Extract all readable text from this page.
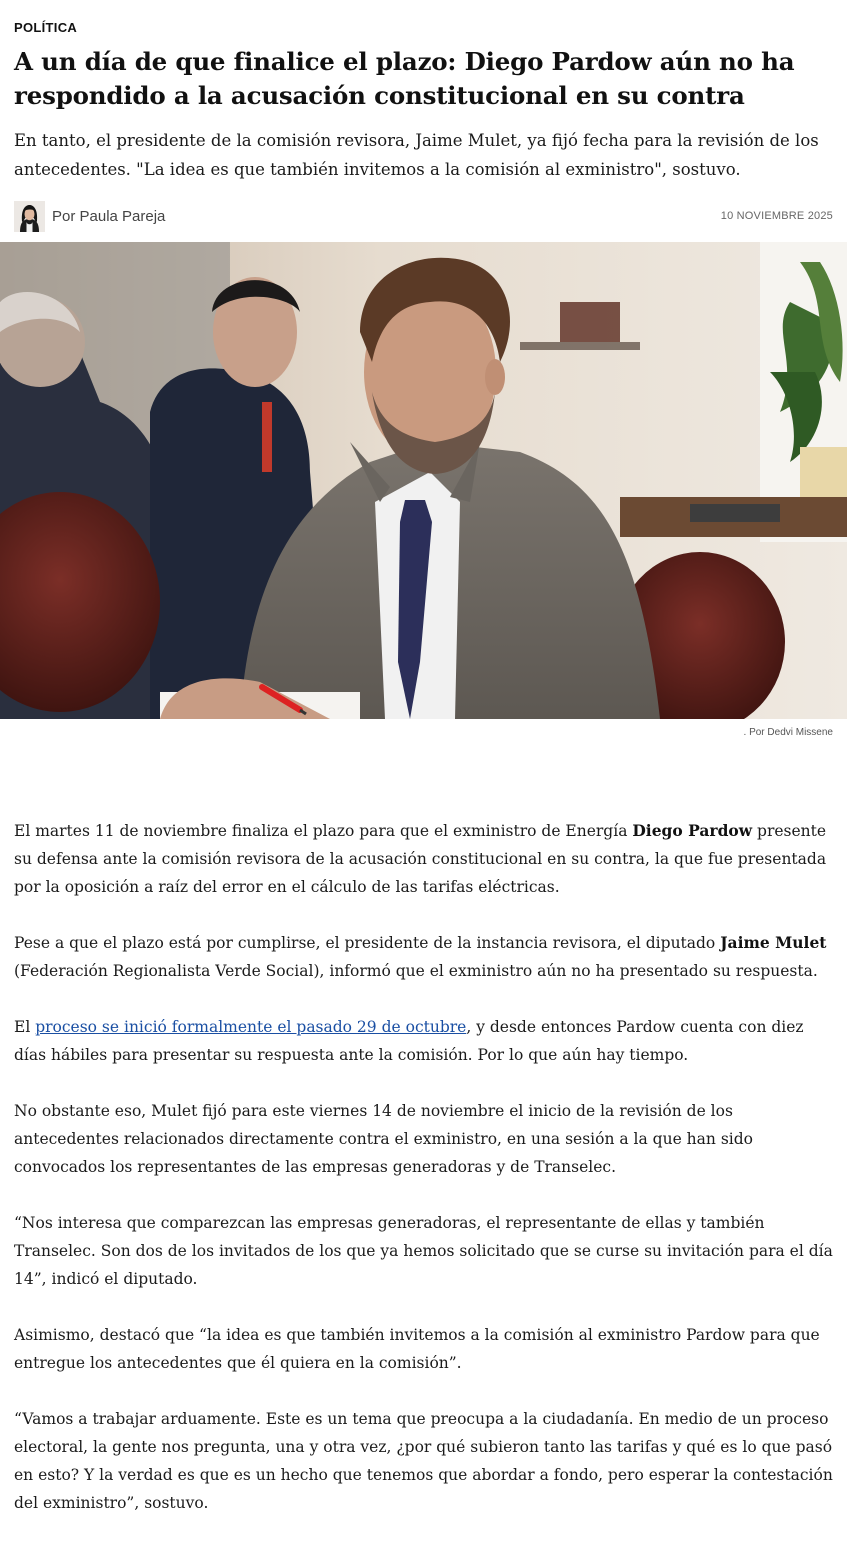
POLÍTICA
A un día de que finalice el plazo: Diego Pardow aún no ha respondido a la acusación constitucional en su contra

En tanto, el presidente de la comisión revisora, Jaime Mulet, ya fijó fecha para la revisión de los antecedentes. "La idea es que también invitemos a la comisión al exministro", sostuvo.

Por Paula Pareja	10 NOVIEMBRE 2025
. Por Dedvi Missene

El martes 11 de noviembre finaliza el plazo para que el exministro de Energía Diego Pardow presente su defensa ante la comisión revisora de la acusación constitucional en su contra, la que fue presentada por la oposición a raíz del error en el cálculo de las tarifas eléctricas.

Pese a que el plazo está por cumplirse, el presidente de la instancia revisora, el diputado Jaime Mulet (Federación Regionalista Verde Social), informó que el exministro aún no ha presentado su respuesta.

El proceso se inició formalmente el pasado 29 de octubre, y desde entonces Pardow cuenta con diez días hábiles para presentar su respuesta ante la comisión. Por lo que aún hay tiempo.

No obstante eso, Mulet fijó para este viernes 14 de noviembre el inicio de la revisión de los antecedentes relacionados directamente contra el exministro, en una sesión a la que han sido convocados los representantes de las empresas generadoras y de Transelec.

“Nos interesa que comparezcan las empresas generadoras, el representante de ellas y también Transelec. Son dos de los invitados de los que ya hemos solicitado que se curse su invitación para el día 14”, indicó el diputado.

Asimismo, destacó que “la idea es que también invitemos a la comisión al exministro Pardow para que entregue los antecedentes que él quiera en la comisión”.

“Vamos a trabajar arduamente. Este es un tema que preocupa a la ciudadanía. En medio de un proceso electoral, la gente nos pregunta, una y otra vez, ¿por qué subieron tanto las tarifas y qué es lo que pasó en esto? Y la verdad es que es un hecho que tenemos que abordar a fondo, pero esperar la contestación del exministro”, sostuvo.
